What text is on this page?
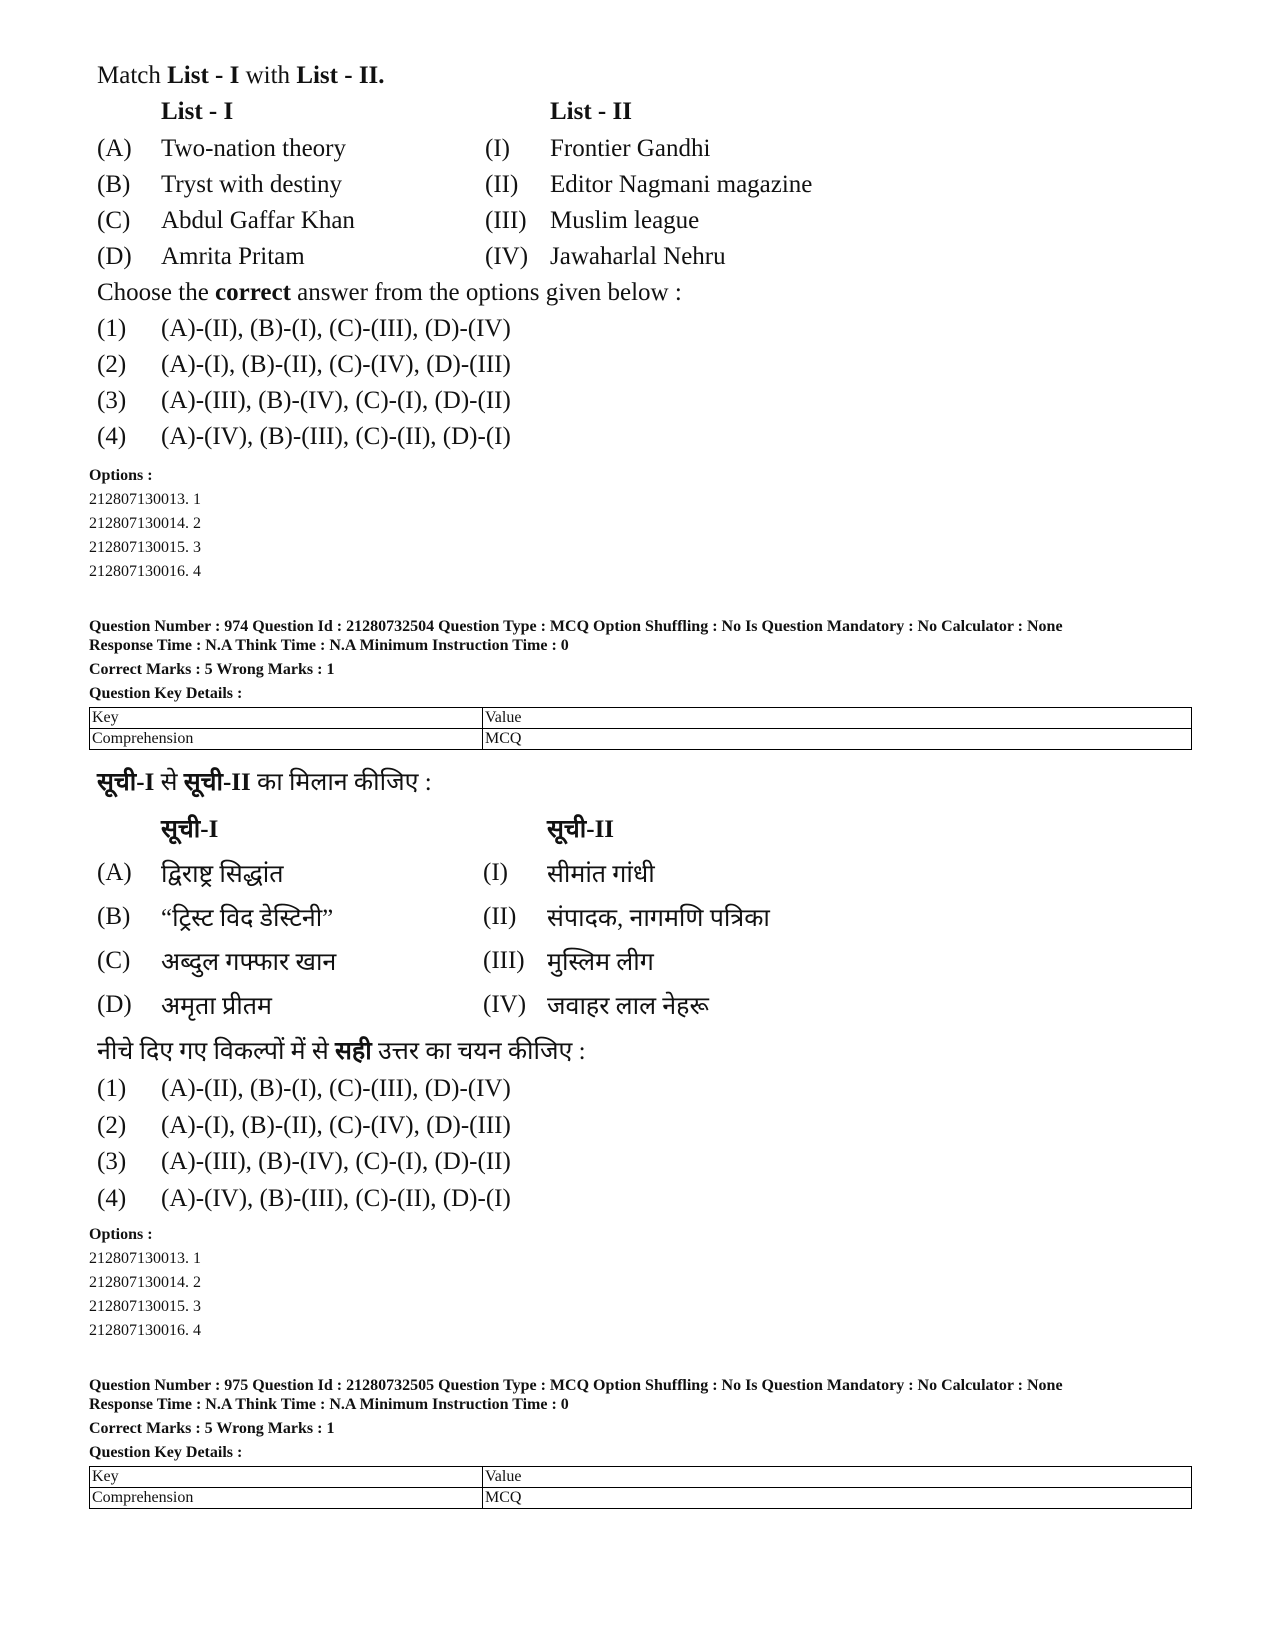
Match List - I with List - II.
List - I	List - II
(A) Two-nation theory	(I) Frontier Gandhi
(B) Tryst with destiny	(II) Editor Nagmani magazine
(C) Abdul Gaffar Khan	(III) Muslim league
(D) Amrita Pritam	(IV) Jawaharlal Nehru
Choose the correct answer from the options given below :
(1) (A)-(II), (B)-(I), (C)-(III), (D)-(IV)
(2) (A)-(I), (B)-(II), (C)-(IV), (D)-(III)
(3) (A)-(III), (B)-(IV), (C)-(I), (D)-(II)
(4) (A)-(IV), (B)-(III), (C)-(II), (D)-(I)
Options :
212807130013. 1
212807130014. 2
212807130015. 3
212807130016. 4
Question Number : 974 Question Id : 21280732504 Question Type : MCQ Option Shuffling : No Is Question Mandatory : No Calculator : None
Response Time : N.A Think Time : N.A Minimum Instruction Time : 0
Correct Marks : 5 Wrong Marks : 1
Question Key Details :
Key	Value
Comprehension	MCQ
सूची-I से सूची-II का मिलान कीजिए :
सूची-I	सूची-II
(A) द्विराष्ट्र सिद्धांत	(I) सीमांत गांधी
(B) “ट्रिस्ट विद डेस्टिनी”	(II) संपादक, नागमणि पत्रिका
(C) अब्दुल गफ्फार खान	(III) मुस्लिम लीग
(D) अमृता प्रीतम	(IV) जवाहर लाल नेहरू
नीचे दिए गए विकल्पों में से सही उत्तर का चयन कीजिए :
(1) (A)-(II), (B)-(I), (C)-(III), (D)-(IV)
(2) (A)-(I), (B)-(II), (C)-(IV), (D)-(III)
(3) (A)-(III), (B)-(IV), (C)-(I), (D)-(II)
(4) (A)-(IV), (B)-(III), (C)-(II), (D)-(I)
Options :
212807130013. 1
212807130014. 2
212807130015. 3
212807130016. 4
Question Number : 975 Question Id : 21280732505 Question Type : MCQ Option Shuffling : No Is Question Mandatory : No Calculator : None
Response Time : N.A Think Time : N.A Minimum Instruction Time : 0
Correct Marks : 5 Wrong Marks : 1
Question Key Details :
Key	Value
Comprehension	MCQ
